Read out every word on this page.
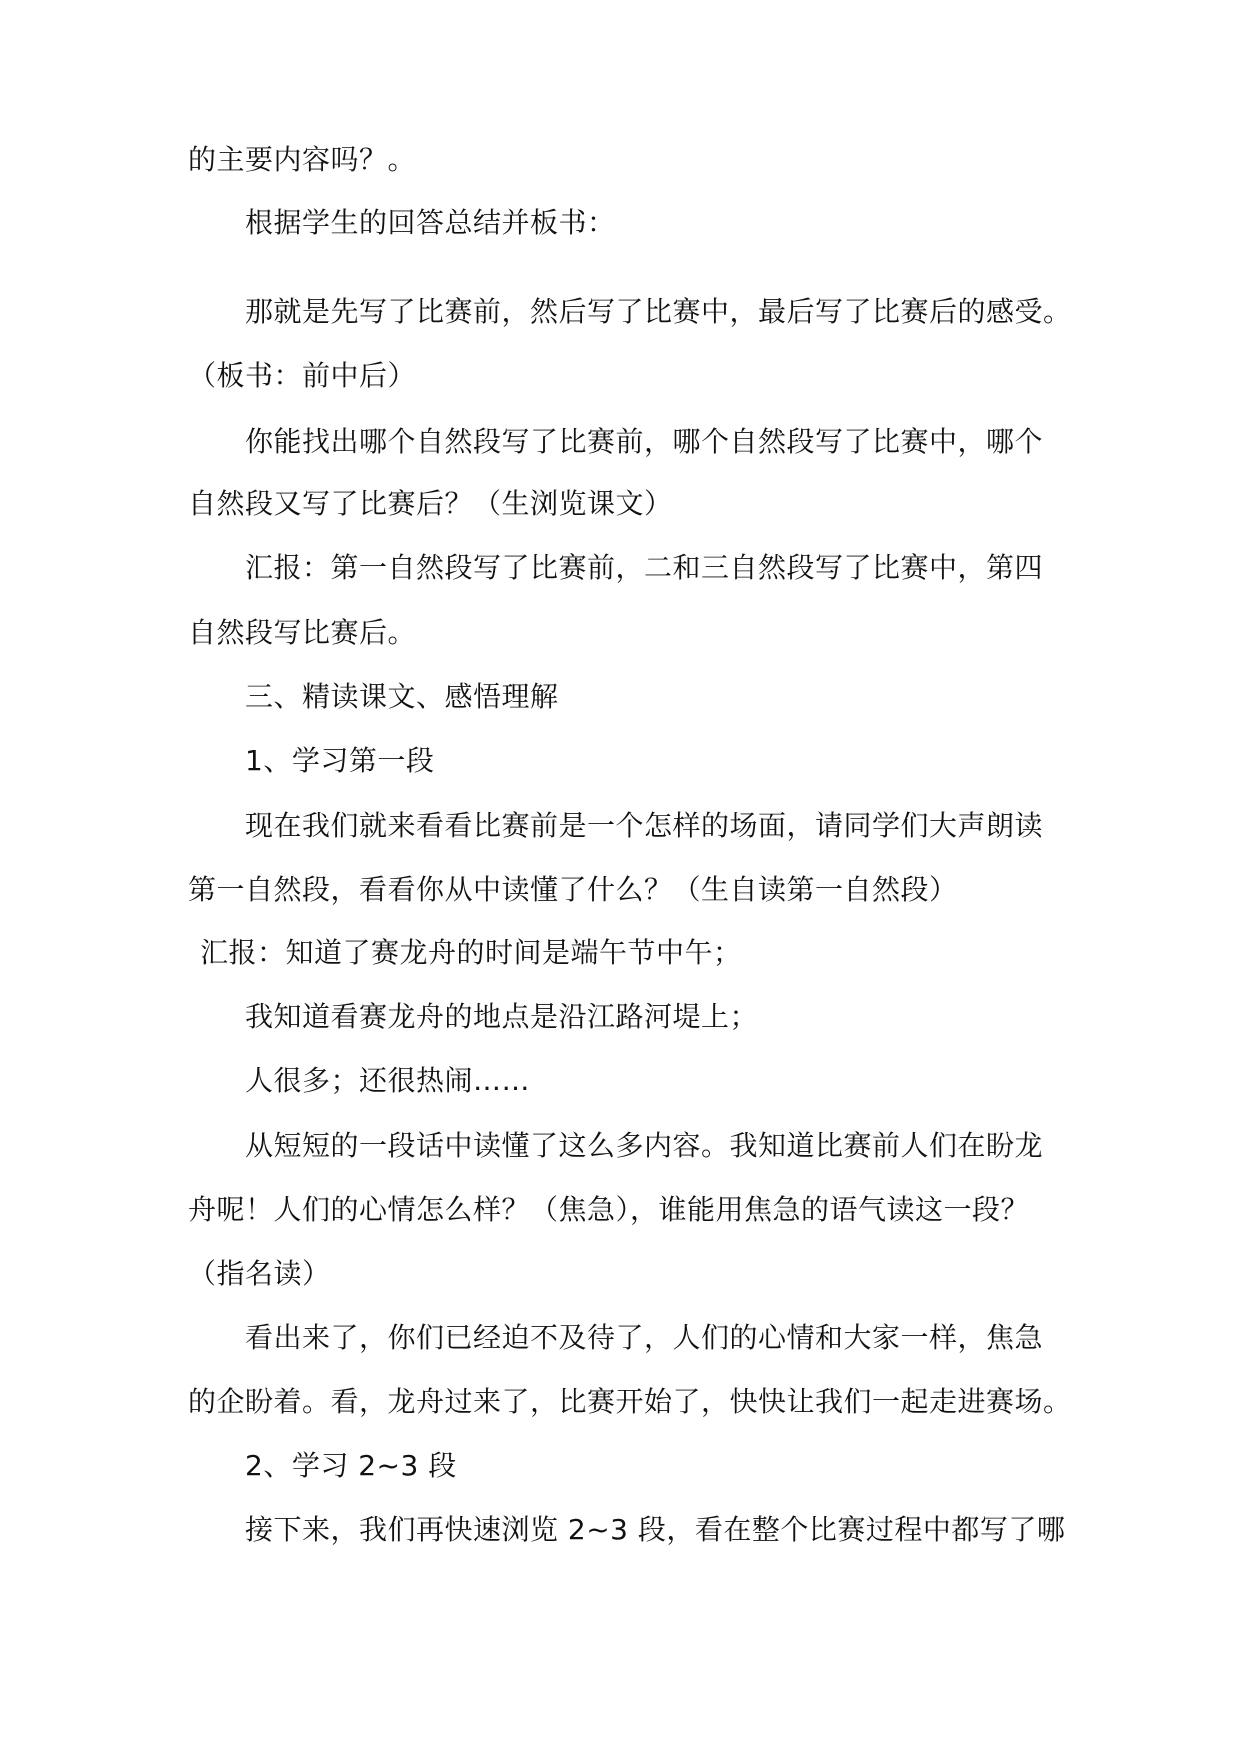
的主要内容吗？。
根据学生的回答总结并板书：
那就是先写了比赛前，然后写了比赛中，最后写了比赛后的感受。
（板书：前中后）
你能找出哪个自然段写了比赛前，哪个自然段写了比赛中，哪个
自然段又写了比赛后？（生浏览课文）
汇报：第一自然段写了比赛前，二和三自然段写了比赛中，第四
自然段写比赛后。
三、精读课文、感悟理解
1、学习第一段
现在我们就来看看比赛前是一个怎样的场面，请同学们大声朗读
第一自然段，看看你从中读懂了什么？（生自读第一自然段）
汇报：知道了赛龙舟的时间是端午节中午；
我知道看赛龙舟的地点是沿江路河堤上；
人很多；还很热闹……
从短短的一段话中读懂了这么多内容。我知道比赛前人们在盼龙
舟呢！人们的心情怎么样？（焦急），谁能用焦急的语气读这一段？
（指名读）
看出来了，你们已经迫不及待了，人们的心情和大家一样，焦急
的企盼着。看，龙舟过来了，比赛开始了，快快让我们一起走进赛场。
2、学习 2~3 段
接下来，我们再快速浏览 2~3 段，看在整个比赛过程中都写了哪
